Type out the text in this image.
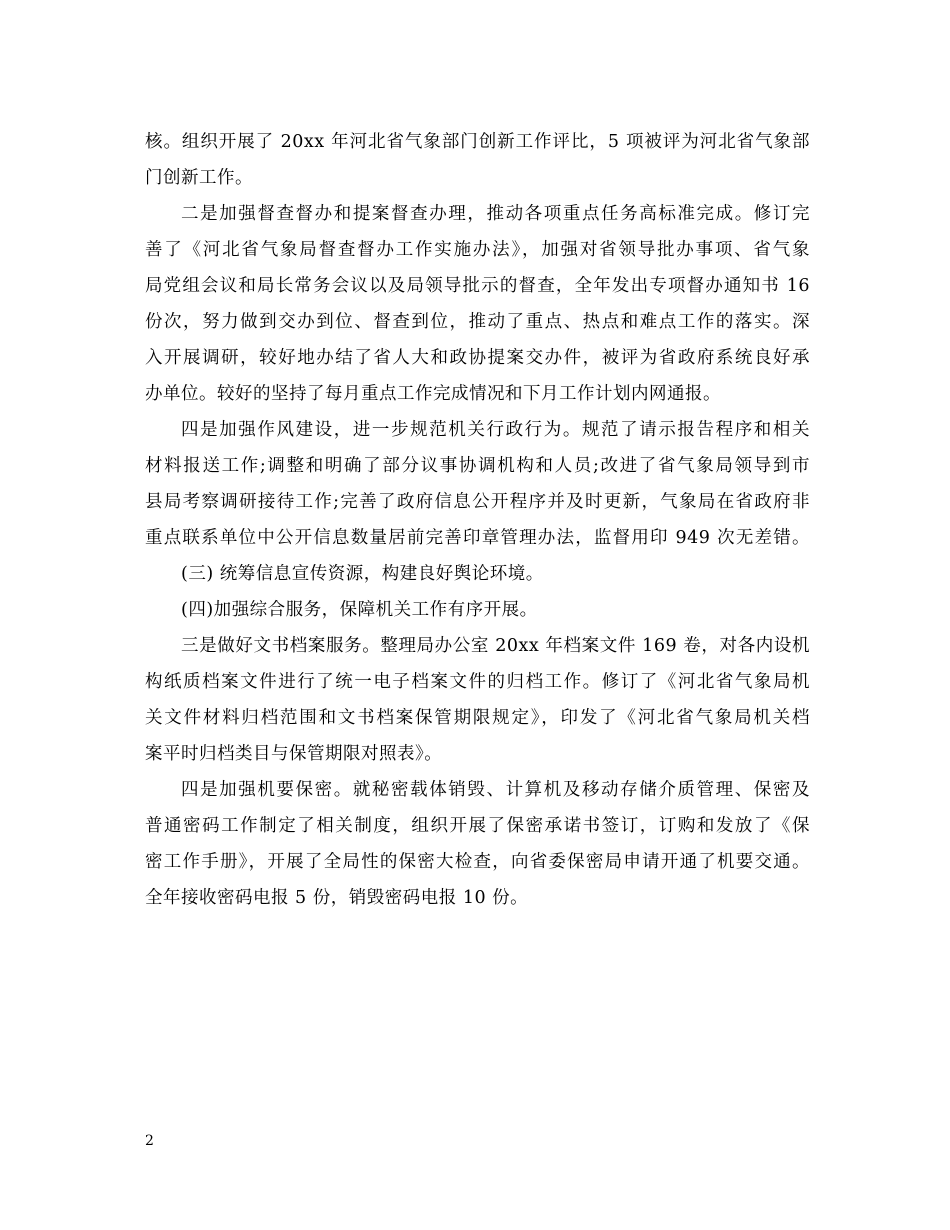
核。组织开展了 20xx 年河北省气象部门创新工作评比，5 项被评为河北省气象部
门创新工作。
二是加强督查督办和提案督查办理，推动各项重点任务高标准完成。修订完
善了《河北省气象局督查督办工作实施办法》，加强对省领导批办事项、省气象
局党组会议和局长常务会议以及局领导批示的督查，全年发出专项督办通知书 16
份次，努力做到交办到位、督查到位，推动了重点、热点和难点工作的落实。深
入开展调研，较好地办结了省人大和政协提案交办件，被评为省政府系统良好承
办单位。较好的坚持了每月重点工作完成情况和下月工作计划内网通报。
四是加强作风建设，进一步规范机关行政行为。规范了请示报告程序和相关
材料报送工作;调整和明确了部分议事协调机构和人员;改进了省气象局领导到市
县局考察调研接待工作;完善了政府信息公开程序并及时更新，气象局在省政府非
重点联系单位中公开信息数量居前完善印章管理办法，监督用印 949 次无差错。
(三) 统筹信息宣传资源，构建良好舆论环境。
(四)加强综合服务，保障机关工作有序开展。
三是做好文书档案服务。整理局办公室 20xx 年档案文件 169 卷，对各内设机
构纸质档案文件进行了统一电子档案文件的归档工作。修订了《河北省气象局机
关文件材料归档范围和文书档案保管期限规定》，印发了《河北省气象局机关档
案平时归档类目与保管期限对照表》。
四是加强机要保密。就秘密载体销毁、计算机及移动存储介质管理、保密及
普通密码工作制定了相关制度，组织开展了保密承诺书签订，订购和发放了《保
密工作手册》，开展了全局性的保密大检查，向省委保密局申请开通了机要交通。
全年接收密码电报 5 份，销毁密码电报 10 份。
2
